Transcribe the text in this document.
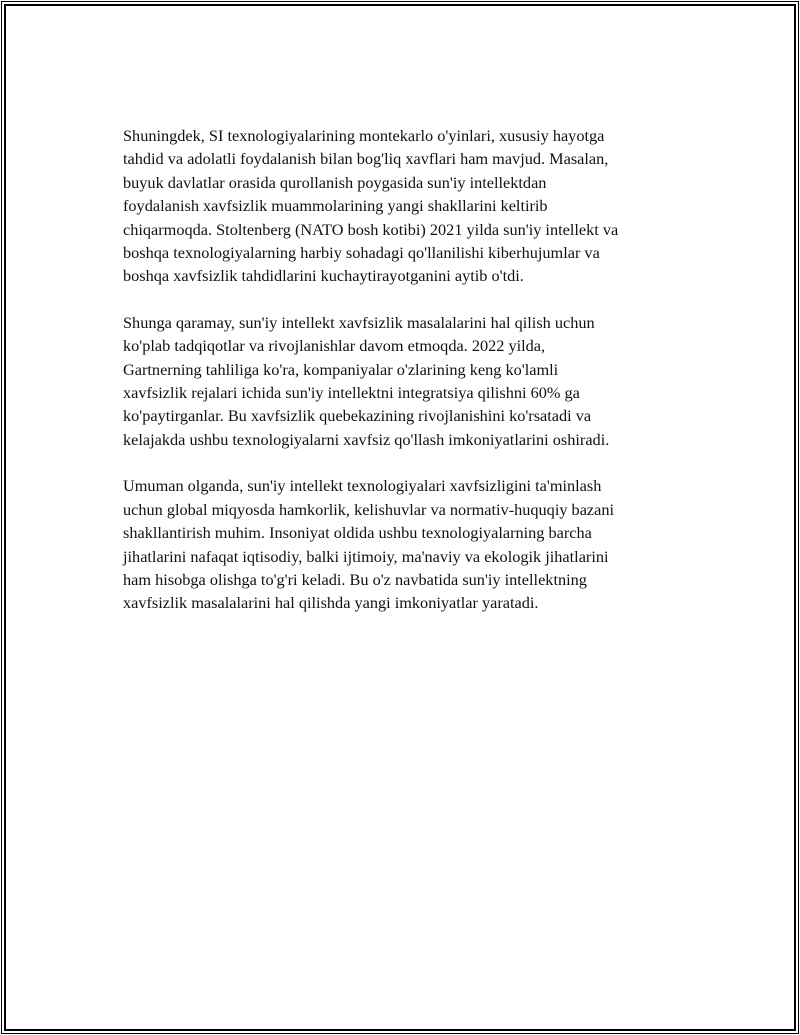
Shuningdek, SI texnologiyalarining montekarlo o'yinlari, xususiy hayotga
tahdid va adolatli foydalanish bilan bog'liq xavflari ham mavjud. Masalan,
buyuk davlatlar orasida qurollanish poygasida sun'iy intellektdan
foydalanish xavfsizlik muammolarining yangi shakllarini keltirib
chiqarmoqda. Stoltenberg (NATO bosh kotibi) 2021 yilda sun'iy intellekt va
boshqa texnologiyalarning harbiy sohadagi qo'llanilishi kiberhujumlar va
boshqa xavfsizlik tahdidlarini kuchaytirayotganini aytib o'tdi.

Shunga qaramay, sun'iy intellekt xavfsizlik masalalarini hal qilish uchun
ko'plab tadqiqotlar va rivojlanishlar davom etmoqda. 2022 yilda,
Gartnerning tahliliga ko'ra, kompaniyalar o'zlarining keng ko'lamli
xavfsizlik rejalari ichida sun'iy intellektni integratsiya qilishni 60% ga
ko'paytirganlar. Bu xavfsizlik quebekazining rivojlanishini ko'rsatadi va
kelajakda ushbu texnologiyalarni xavfsiz qo'llash imkoniyatlarini oshiradi.

Umuman olganda, sun'iy intellekt texnologiyalari xavfsizligini ta'minlash
uchun global miqyosda hamkorlik, kelishuvlar va normativ-huquqiy bazani
shakllantirish muhim. Insoniyat oldida ushbu texnologiyalarning barcha
jihatlarini nafaqat iqtisodiy, balki ijtimoiy, ma'naviy va ekologik jihatlarini
ham hisobga olishga to'g'ri keladi. Bu o'z navbatida sun'iy intellektning
xavfsizlik masalalarini hal qilishda yangi imkoniyatlar yaratadi.
